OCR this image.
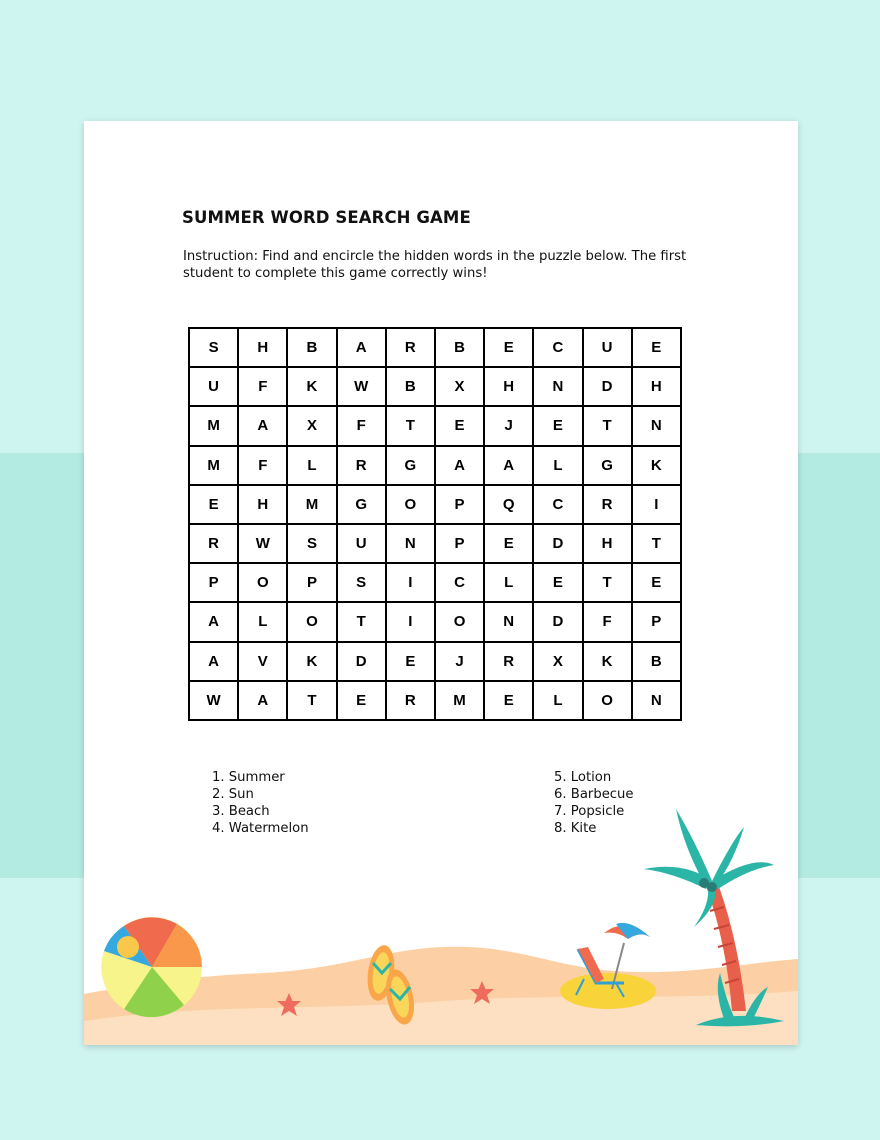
SUMMER WORD SEARCH GAME
Instruction: Find and encircle the hidden words in the puzzle below. The first student to complete this game correctly wins!
S	H	B	A	R	B	E	C	U	E
U	F	K	W	B	X	H	N	D	H
M	A	X	F	T	E	J	E	T	N
M	F	L	R	G	A	A	L	G	K
E	H	M	G	O	P	Q	C	R	I
R	W	S	U	N	P	E	D	H	T
P	O	P	S	I	C	L	E	T	E
A	L	O	T	I	O	N	D	F	P
A	V	K	D	E	J	R	X	K	B
W	A	T	E	R	M	E	L	O	N
1. Summer
2. Sun
3. Beach
4. Watermelon
5. Lotion
6. Barbecue
7. Popsicle
8. Kite
